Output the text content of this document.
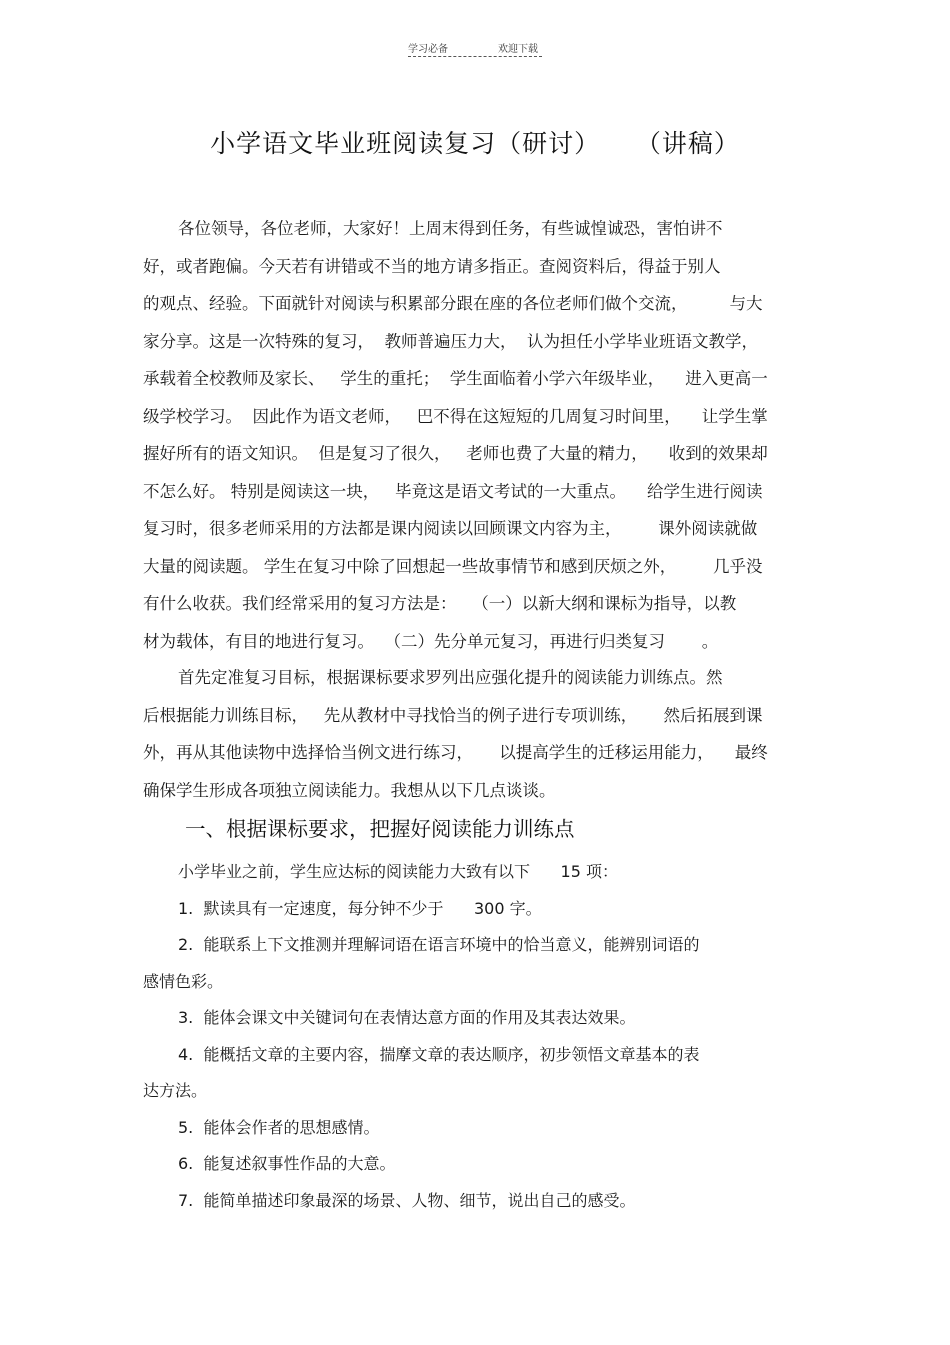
学习必备	欢迎下载
小学语文毕业班阅读复习（研讨）    （讲稿）
各位领导，各位老师，大家好！上周末得到任务，有些诚惶诚恐，害怕讲不
好，或者跑偏。今天若有讲错或不当的地方请多指正。查阅资料后，得益于别人
的观点、经验。下面就针对阅读与积累部分跟在座的各位老师们做个交流，        与大
家分享。这是一次特殊的复习，  教师普遍压力大，  认为担任小学毕业班语文教学，
承载着全校教师及家长、   学生的重托；  学生面临着小学六年级毕业，    进入更高一
级学校学习。  因此作为语文老师，   巴不得在这短短的几周复习时间里，    让学生掌
握好所有的语文知识。  但是复习了很久，   老师也费了大量的精力，    收到的效果却
不怎么好。 特别是阅读这一块，   毕竟这是语文考试的一大重点。    给学生进行阅读
复习时，很多老师采用的方法都是课内阅读以回顾课文内容为主，       课外阅读就做
大量的阅读题。 学生在复习中除了回想起一些故事情节和感到厌烦之外，       几乎没
有什么收获。我们经常采用的复习方法是：   （一）以新大纲和课标为指导，以教
材为载体，有目的地进行复习。  （二）先分单元复习，再进行归类复习       。
首先定准复习目标，根据课标要求罗列出应强化提升的阅读能力训练点。然
后根据能力训练目标，   先从教材中寻找恰当的例子进行专项训练，     然后拓展到课
外，再从其他读物中选择恰当例文进行练习，     以提高学生的迁移运用能力，    最终
确保学生形成各项独立阅读能力。我想从以下几点谈谈。
一、根据课标要求，把握好阅读能力训练点
小学毕业之前，学生应达标的阅读能力大致有以下      15 项：
1.  默读具有一定速度，每分钟不少于      300 字。
2.  能联系上下文推测并理解词语在语言环境中的恰当意义，能辨别词语的
感情色彩。
3.  能体会课文中关键词句在表情达意方面的作用及其表达效果。
4.  能概括文章的主要内容，揣摩文章的表达顺序，初步领悟文章基本的表
达方法。
5.  能体会作者的思想感情。
6.  能复述叙事性作品的大意。
7.  能简单描述印象最深的场景、人物、细节，说出自己的感受。
